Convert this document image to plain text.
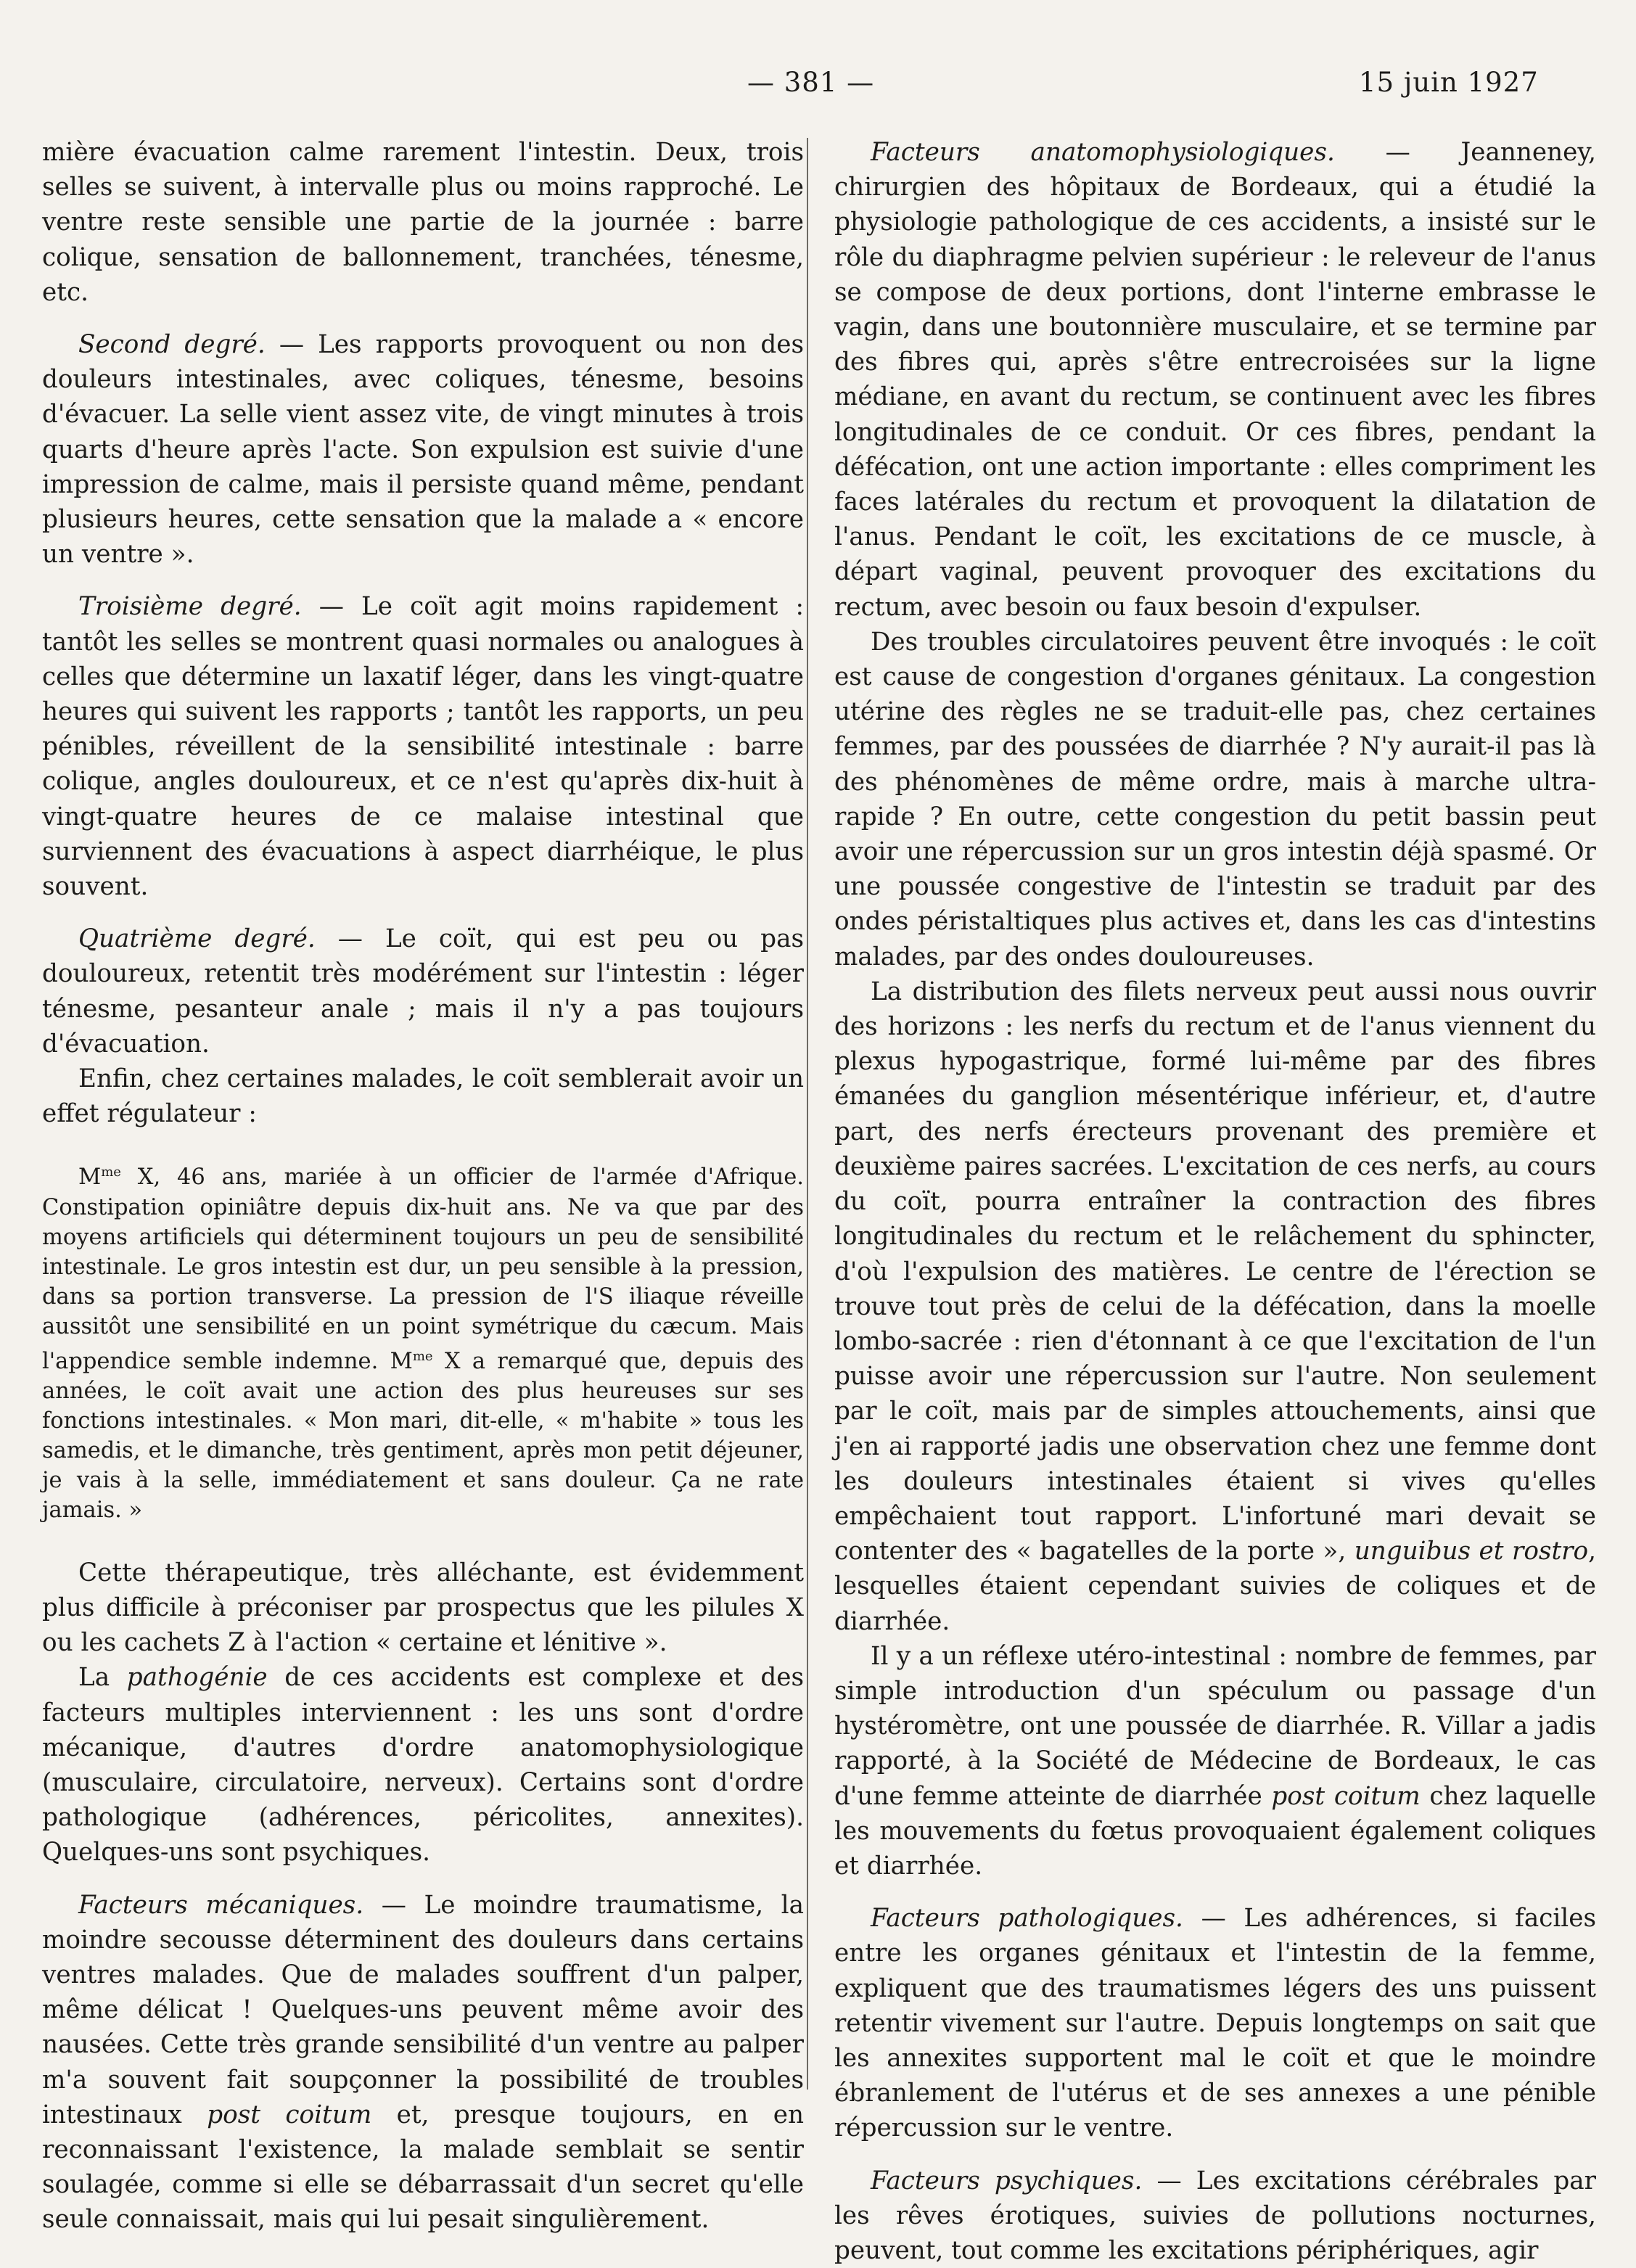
— 381 —	15 juin 1927

mière évacuation calme rarement l'intestin. Deux, trois selles se suivent, à intervalle plus ou moins rapproché. Le ventre reste sensible une partie de la journée : barre colique, sensation de ballonnement, tranchées, ténesme, etc.

Second degré. — Les rapports provoquent ou non des douleurs intestinales, avec coliques, ténesme, besoins d'évacuer. La selle vient assez vite, de vingt minutes à trois quarts d'heure après l'acte. Son expulsion est suivie d'une impression de calme, mais il persiste quand même, pendant plusieurs heures, cette sensation que la malade a « encore un ventre ».

Troisième degré. — Le coït agit moins rapidement : tantôt les selles se montrent quasi normales ou analogues à celles que détermine un laxatif léger, dans les vingt-quatre heures qui suivent les rapports ; tantôt les rapports, un peu pénibles, réveillent de la sensibilité intestinale : barre colique, angles douloureux, et ce n'est qu'après dix-huit à vingt-quatre heures de ce malaise intestinal que surviennent des évacuations à aspect diarrhéique, le plus souvent.

Quatrième degré. — Le coït, qui est peu ou pas douloureux, retentit très modérément sur l'intestin : léger ténesme, pesanteur anale ; mais il n'y a pas toujours d'évacuation.

Enfin, chez certaines malades, le coït semblerait avoir un effet régulateur :

$M^{me}$ X, 46 ans, mariée à un officier de l'armée d'Afrique. Constipation opiniâtre depuis dix-huit ans. Ne va que par des moyens artificiels qui déterminent toujours un peu de sensibilité intestinale. Le gros intestin est dur, un peu sensible à la pression, dans sa portion transverse. La pression de l'S iliaque réveille aussitôt une sensibilité en un point symétrique du cæcum. Mais l'appendice semble indemne. $M^{me}$ X a remarqué que, depuis des années, le coït avait une action des plus heureuses sur ses fonctions intestinales. « Mon mari, dit-elle, « m'habite » tous les samedis, et le dimanche, très gentiment, après mon petit déjeuner, je vais à la selle, immédiatement et sans douleur. Ça ne rate jamais. »

Cette thérapeutique, très alléchante, est évidemment plus difficile à préconiser par prospectus que les pilules X ou les cachets Z à l'action « certaine et lénitive ».

La pathogénie de ces accidents est complexe et des facteurs multiples interviennent : les uns sont d'ordre mécanique, d'autres d'ordre anatomophysiologique (musculaire, circulatoire, nerveux). Certains sont d'ordre pathologique (adhérences, péricolites, annexites). Quelques-uns sont psychiques.

Facteurs mécaniques. — Le moindre traumatisme, la moindre secousse déterminent des douleurs dans certains ventres malades. Que de malades souffrent d'un palper, même délicat ! Quelques-uns peuvent même avoir des nausées. Cette très grande sensibilité d'un ventre au palper m'a souvent fait soupçonner la possibilité de troubles intestinaux post coitum et, presque toujours, en en reconnaissant l'existence, la malade semblait se sentir soulagée, comme si elle se débarrassait d'un secret qu'elle seule connaissait, mais qui lui pesait singulièrement.

Facteurs anatomophysiologiques. — Jeanneney, chirurgien des hôpitaux de Bordeaux, qui a étudié la physiologie pathologique de ces accidents, a insisté sur le rôle du diaphragme pelvien supérieur : le releveur de l'anus se compose de deux portions, dont l'interne embrasse le vagin, dans une boutonnière musculaire, et se termine par des fibres qui, après s'être entrecroisées sur la ligne médiane, en avant du rectum, se continuent avec les fibres longitudinales de ce conduit. Or ces fibres, pendant la défécation, ont une action importante : elles compriment les faces latérales du rectum et provoquent la dilatation de l'anus. Pendant le coït, les excitations de ce muscle, à départ vaginal, peuvent provoquer des excitations du rectum, avec besoin ou faux besoin d'expulser.

Des troubles circulatoires peuvent être invoqués : le coït est cause de congestion d'organes génitaux. La congestion utérine des règles ne se traduit-elle pas, chez certaines femmes, par des poussées de diarrhée ? N'y aurait-il pas là des phénomènes de même ordre, mais à marche ultra-rapide ? En outre, cette congestion du petit bassin peut avoir une répercussion sur un gros intestin déjà spasmé. Or une poussée congestive de l'intestin se traduit par des ondes péristaltiques plus actives et, dans les cas d'intestins malades, par des ondes douloureuses.

La distribution des filets nerveux peut aussi nous ouvrir des horizons : les nerfs du rectum et de l'anus viennent du plexus hypogastrique, formé lui-même par des fibres émanées du ganglion mésentérique inférieur, et, d'autre part, des nerfs érecteurs provenant des première et deuxième paires sacrées. L'excitation de ces nerfs, au cours du coït, pourra entraîner la contraction des fibres longitudinales du rectum et le relâchement du sphincter, d'où l'expulsion des matières. Le centre de l'érection se trouve tout près de celui de la défécation, dans la moelle lombo-sacrée : rien d'étonnant à ce que l'excitation de l'un puisse avoir une répercussion sur l'autre. Non seulement par le coït, mais par de simples attouchements, ainsi que j'en ai rapporté jadis une observation chez une femme dont les douleurs intestinales étaient si vives qu'elles empêchaient tout rapport. L'infortuné mari devait se contenter des « bagatelles de la porte », unguibus et rostro, lesquelles étaient cependant suivies de coliques et de diarrhée.

Il y a un réflexe utéro-intestinal : nombre de femmes, par simple introduction d'un spéculum ou passage d'un hystéromètre, ont une poussée de diarrhée. R. Villar a jadis rapporté, à la Société de Médecine de Bordeaux, le cas d'une femme atteinte de diarrhée post coitum chez laquelle les mouvements du fœtus provoquaient également coliques et diarrhée.

Facteurs pathologiques. — Les adhérences, si faciles entre les organes génitaux et l'intestin de la femme, expliquent que des traumatismes légers des uns puissent retentir vivement sur l'autre. Depuis longtemps on sait que les annexites supportent mal le coït et que le moindre ébranlement de l'utérus et de ses annexes a une pénible répercussion sur le ventre.

Facteurs psychiques. — Les excitations cérébrales par les rêves érotiques, suivies de pollutions nocturnes, peuvent, tout comme les excitations périphériques, agir
